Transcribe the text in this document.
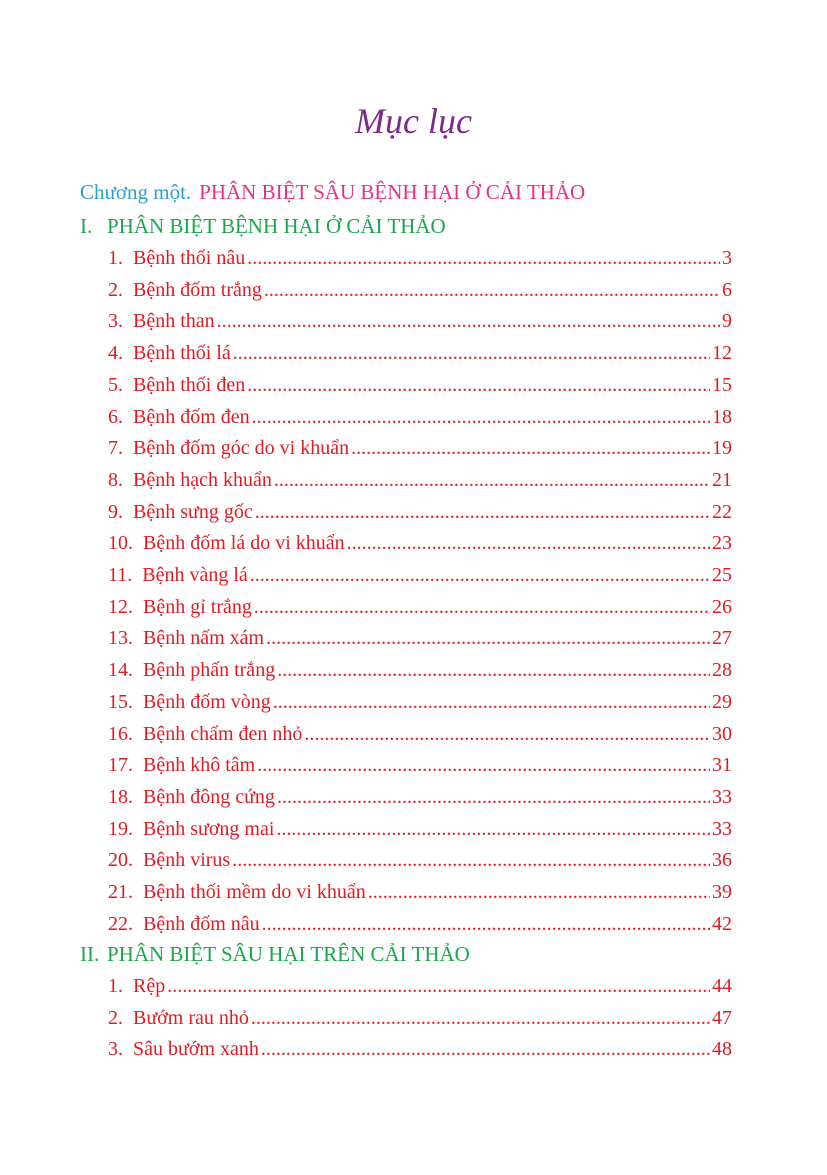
Mục lục
Chương một. PHÂN BIỆT SÂU BỆNH HẠI Ở CẢI THẢO
I. PHÂN BIỆT BỆNH HẠI Ở CẢI THẢO
1. Bệnh thối nâu .....	3
2. Bệnh đốm trắng .....	6
3. Bệnh than .....	9
4. Bệnh thối lá .....	12
5. Bệnh thối đen .....	15
6. Bệnh đốm đen .....	18
7. Bệnh đốm góc do vi khuẩn .....	19
8. Bệnh hạch khuẩn .....	21
9. Bệnh sưng gốc .....	22
10. Bệnh đốm lá do vi khuẩn .....	23
11. Bệnh vàng lá .....	25
12. Bệnh gỉ trắng .....	26
13. Bệnh nấm xám .....	27
14. Bệnh phấn trắng .....	28
15. Bệnh đốm vòng .....	29
16. Bệnh chấm đen nhỏ .....	30
17. Bệnh khô tâm .....	31
18. Bệnh đông cứng .....	33
19. Bệnh sương mai .....	33
20. Bệnh virus .....	36
21. Bệnh thối mềm do vi khuẩn .....	39
22. Bệnh đốm nâu .....	42
II. PHÂN BIỆT SÂU HẠI TRÊN CẢI THẢO
1. Rệp .....	44
2. Bướm rau nhỏ .....	47
3. Sâu bướm xanh .....	48
